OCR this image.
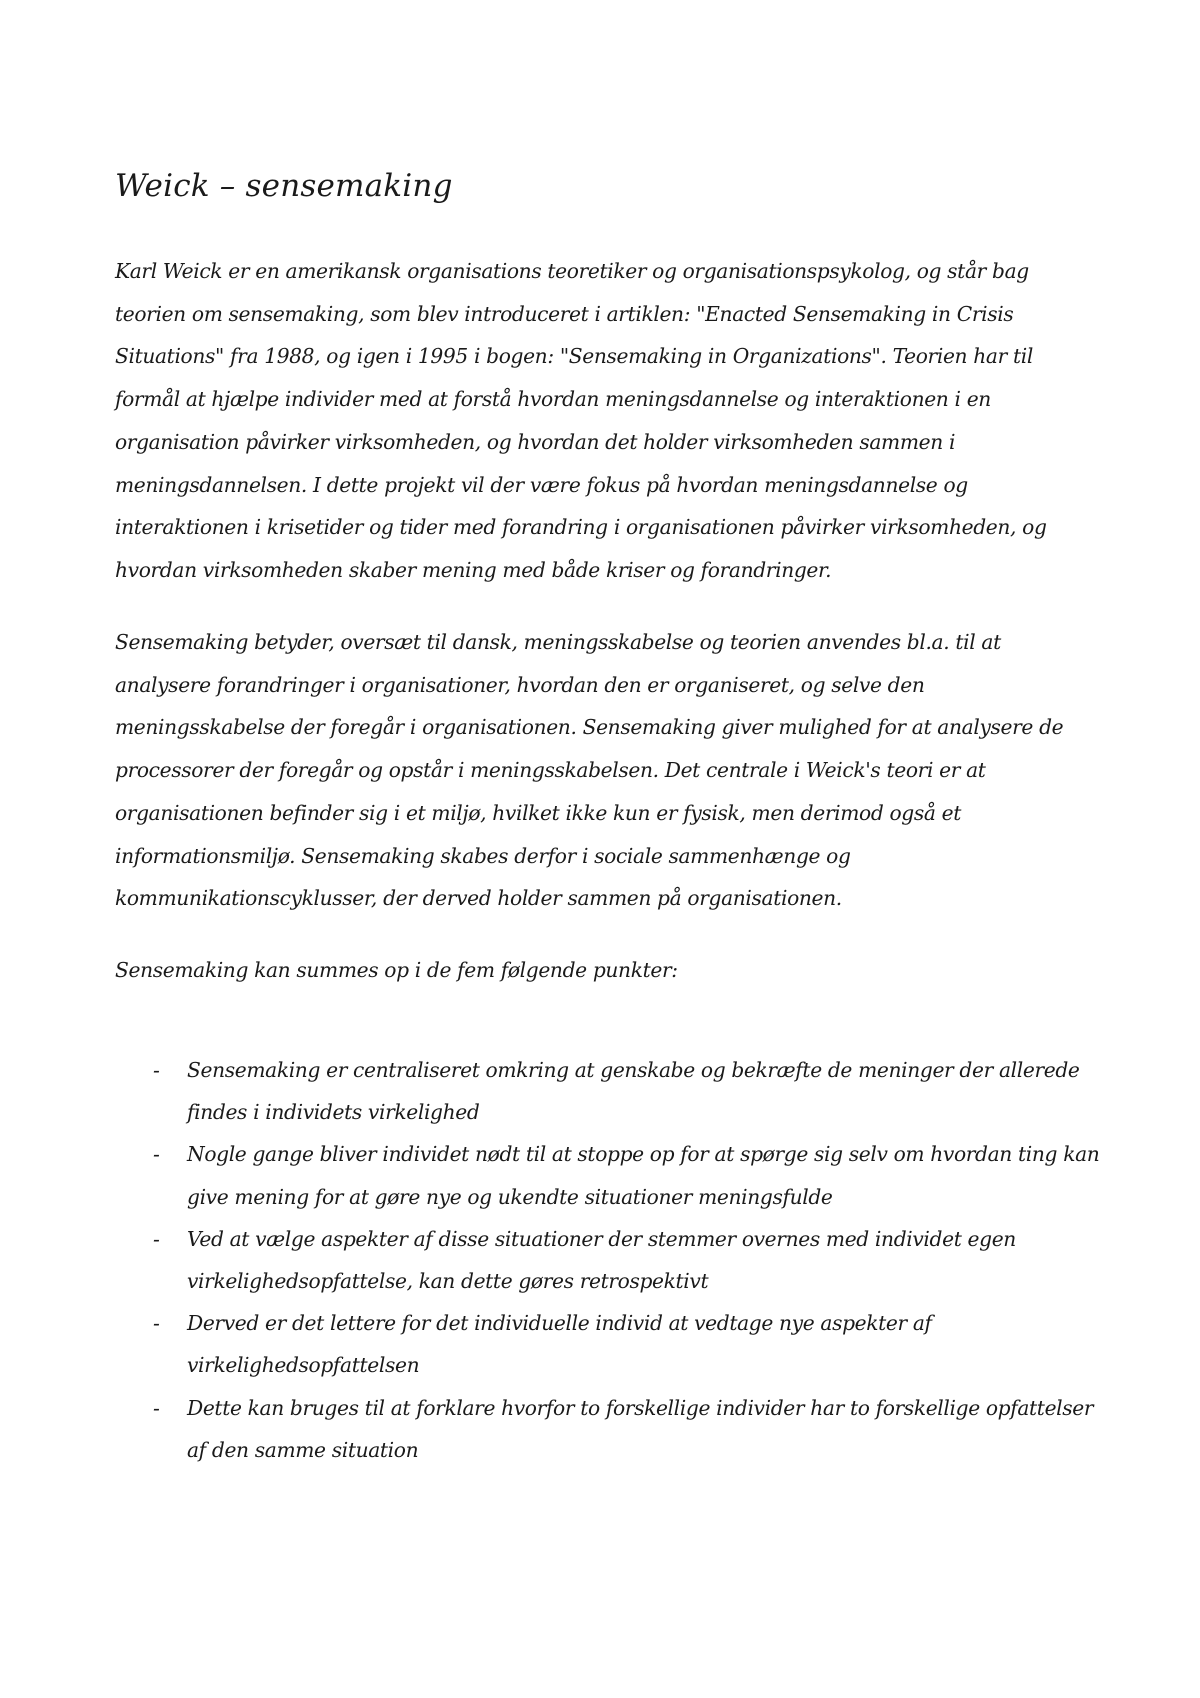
Weick – sensemaking

Karl Weick er en amerikansk organisations teoretiker og organisationspsykolog, og står bag teorien om sensemaking, som blev introduceret i artiklen: "Enacted Sensemaking in Crisis Situations" fra 1988, og igen i 1995 i bogen: "Sensemaking in Organizations". Teorien har til formål at hjælpe individer med at forstå hvordan meningsdannelse og interaktionen i en organisation påvirker virksomheden, og hvordan det holder virksomheden sammen i meningsdannelsen. I dette projekt vil der være fokus på hvordan meningsdannelse og interaktionen i krisetider og tider med forandring i organisationen påvirker virksomheden, og hvordan virksomheden skaber mening med både kriser og forandringer.

Sensemaking betyder, oversæt til dansk, meningsskabelse og teorien anvendes bl.a. til at analysere forandringer i organisationer, hvordan den er organiseret, og selve den meningsskabelse der foregår i organisationen. Sensemaking giver mulighed for at analysere de processorer der foregår og opstår i meningsskabelsen. Det centrale i Weick's teori er at organisationen befinder sig i et miljø, hvilket ikke kun er fysisk, men derimod også et informationsmiljø. Sensemaking skabes derfor i sociale sammenhænge og kommunikationscyklusser, der derved holder sammen på organisationen.

Sensemaking kan summes op i de fem følgende punkter:

- Sensemaking er centraliseret omkring at genskabe og bekræfte de meninger der allerede findes i individets virkelighed
- Nogle gange bliver individet nødt til at stoppe op for at spørge sig selv om hvordan ting kan give mening for at gøre nye og ukendte situationer meningsfulde
- Ved at vælge aspekter af disse situationer der stemmer overnes med individet egen virkelighedsopfattelse, kan dette gøres retrospektivt
- Derved er det lettere for det individuelle individ at vedtage nye aspekter af virkelighedsopfattelsen
- Dette kan bruges til at forklare hvorfor to forskellige individer har to forskellige opfattelser af den samme situation
